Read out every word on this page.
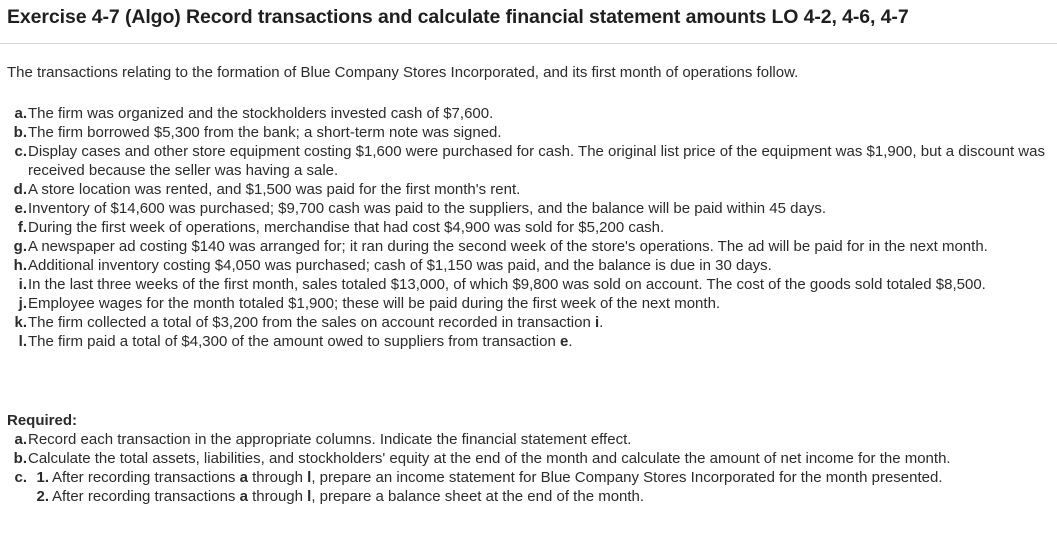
Exercise 4-7 (Algo) Record transactions and calculate financial statement amounts LO 4-2, 4-6, 4-7
The transactions relating to the formation of Blue Company Stores Incorporated, and its first month of operations follow.
a. The firm was organized and the stockholders invested cash of $7,600.
b. The firm borrowed $5,300 from the bank; a short-term note was signed.
c. Display cases and other store equipment costing $1,600 were purchased for cash. The original list price of the equipment was $1,900, but a discount was received because the seller was having a sale.
d. A store location was rented, and $1,500 was paid for the first month's rent.
e. Inventory of $14,600 was purchased; $9,700 cash was paid to the suppliers, and the balance will be paid within 45 days.
f. During the first week of operations, merchandise that had cost $4,900 was sold for $5,200 cash.
g. A newspaper ad costing $140 was arranged for; it ran during the second week of the store's operations. The ad will be paid for in the next month.
h. Additional inventory costing $4,050 was purchased; cash of $1,150 was paid, and the balance is due in 30 days.
i. In the last three weeks of the first month, sales totaled $13,000, of which $9,800 was sold on account. The cost of the goods sold totaled $8,500.
j. Employee wages for the month totaled $1,900; these will be paid during the first week of the next month.
k. The firm collected a total of $3,200 from the sales on account recorded in transaction i.
l. The firm paid a total of $4,300 of the amount owed to suppliers from transaction e.
Required:
a. Record each transaction in the appropriate columns. Indicate the financial statement effect.
b. Calculate the total assets, liabilities, and stockholders' equity at the end of the month and calculate the amount of net income for the month.
c. 1. After recording transactions a through l, prepare an income statement for Blue Company Stores Incorporated for the month presented.
2. After recording transactions a through l, prepare a balance sheet at the end of the month.
